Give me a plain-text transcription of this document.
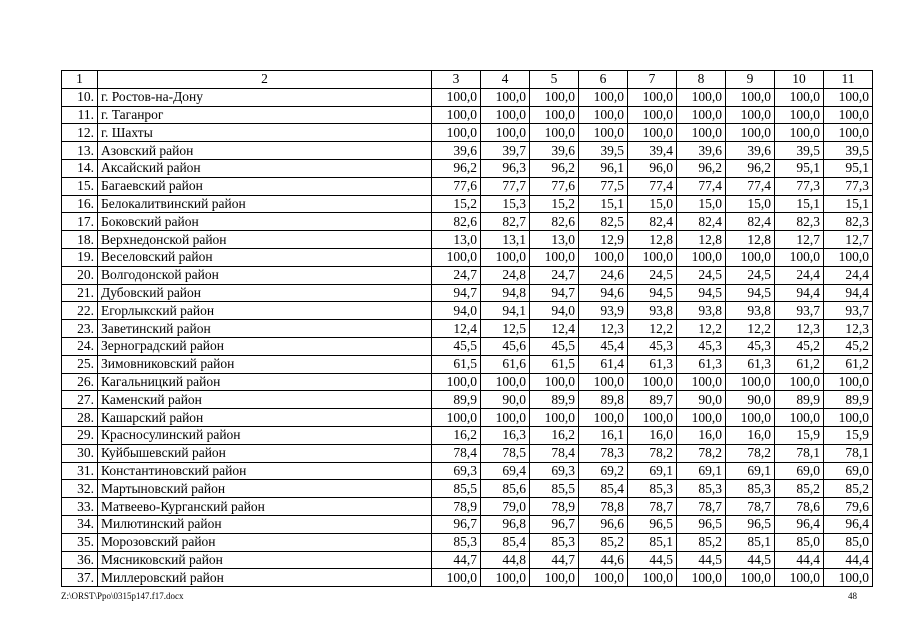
1	2	3	4	5	6	7	8	9	10	11
10.	г. Ростов-на-Дону	100,0	100,0	100,0	100,0	100,0	100,0	100,0	100,0	100,0
11.	г. Таганрог	100,0	100,0	100,0	100,0	100,0	100,0	100,0	100,0	100,0
12.	г. Шахты	100,0	100,0	100,0	100,0	100,0	100,0	100,0	100,0	100,0
13.	Азовский район	39,6	39,7	39,6	39,5	39,4	39,6	39,6	39,5	39,5
14.	Аксайский район	96,2	96,3	96,2	96,1	96,0	96,2	96,2	95,1	95,1
15.	Багаевский район	77,6	77,7	77,6	77,5	77,4	77,4	77,4	77,3	77,3
16.	Белокалитвинский район	15,2	15,3	15,2	15,1	15,0	15,0	15,0	15,1	15,1
17.	Боковский район	82,6	82,7	82,6	82,5	82,4	82,4	82,4	82,3	82,3
18.	Верхнедонской район	13,0	13,1	13,0	12,9	12,8	12,8	12,8	12,7	12,7
19.	Веселовский район	100,0	100,0	100,0	100,0	100,0	100,0	100,0	100,0	100,0
20.	Волгодонской район	24,7	24,8	24,7	24,6	24,5	24,5	24,5	24,4	24,4
21.	Дубовский район	94,7	94,8	94,7	94,6	94,5	94,5	94,5	94,4	94,4
22.	Егорлыкский район	94,0	94,1	94,0	93,9	93,8	93,8	93,8	93,7	93,7
23.	Заветинский район	12,4	12,5	12,4	12,3	12,2	12,2	12,2	12,3	12,3
24.	Зерноградский район	45,5	45,6	45,5	45,4	45,3	45,3	45,3	45,2	45,2
25.	Зимовниковский район	61,5	61,6	61,5	61,4	61,3	61,3	61,3	61,2	61,2
26.	Кагальницкий район	100,0	100,0	100,0	100,0	100,0	100,0	100,0	100,0	100,0
27.	Каменский район	89,9	90,0	89,9	89,8	89,7	90,0	90,0	89,9	89,9
28.	Кашарский район	100,0	100,0	100,0	100,0	100,0	100,0	100,0	100,0	100,0
29.	Красносулинский район	16,2	16,3	16,2	16,1	16,0	16,0	16,0	15,9	15,9
30.	Куйбышевский район	78,4	78,5	78,4	78,3	78,2	78,2	78,2	78,1	78,1
31.	Константиновский район	69,3	69,4	69,3	69,2	69,1	69,1	69,1	69,0	69,0
32.	Мартыновский район	85,5	85,6	85,5	85,4	85,3	85,3	85,3	85,2	85,2
33.	Матвеево-Курганский район	78,9	79,0	78,9	78,8	78,7	78,7	78,7	78,6	79,6
34.	Милютинский район	96,7	96,8	96,7	96,6	96,5	96,5	96,5	96,4	96,4
35.	Морозовский район	85,3	85,4	85,3	85,2	85,1	85,2	85,1	85,0	85,0
36.	Мясниковский район	44,7	44,8	44,7	44,6	44,5	44,5	44,5	44,4	44,4
37.	Миллеровский район	100,0	100,0	100,0	100,0	100,0	100,0	100,0	100,0	100,0
Z:\ORST\Ppo\0315p147.f17.docx	48
